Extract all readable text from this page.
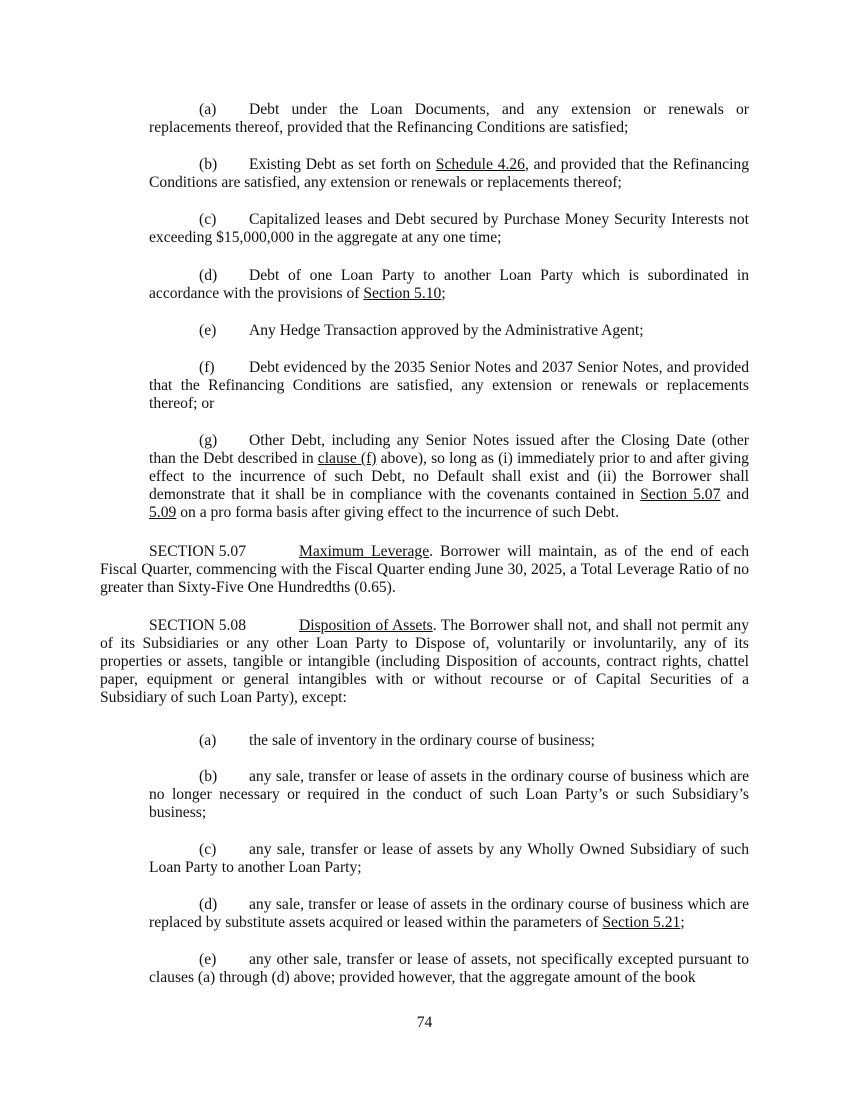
(a) Debt under the Loan Documents, and any extension or renewals or replacements thereof, provided that the Refinancing Conditions are satisfied;

(b) Existing Debt as set forth on Schedule 4.26, and provided that the Refinancing Conditions are satisfied, any extension or renewals or replacements thereof;

(c) Capitalized leases and Debt secured by Purchase Money Security Interests not exceeding $15,000,000 in the aggregate at any one time;

(d) Debt of one Loan Party to another Loan Party which is subordinated in accordance with the provisions of Section 5.10;

(e) Any Hedge Transaction approved by the Administrative Agent;

(f) Debt evidenced by the 2035 Senior Notes and 2037 Senior Notes, and provided that the Refinancing Conditions are satisfied, any extension or renewals or replacements thereof; or

(g) Other Debt, including any Senior Notes issued after the Closing Date (other than the Debt described in clause (f) above), so long as (i) immediately prior to and after giving effect to the incurrence of such Debt, no Default shall exist and (ii) the Borrower shall demonstrate that it shall be in compliance with the covenants contained in Section 5.07 and 5.09 on a pro forma basis after giving effect to the incurrence of such Debt.

SECTION 5.07	Maximum Leverage. Borrower will maintain, as of the end of each Fiscal Quarter, commencing with the Fiscal Quarter ending June 30, 2025, a Total Leverage Ratio of no greater than Sixty-Five One Hundredths (0.65).

SECTION 5.08	Disposition of Assets. The Borrower shall not, and shall not permit any of its Subsidiaries or any other Loan Party to Dispose of, voluntarily or involuntarily, any of its properties or assets, tangible or intangible (including Disposition of accounts, contract rights, chattel paper, equipment or general intangibles with or without recourse or of Capital Securities of a Subsidiary of such Loan Party), except:

(a) the sale of inventory in the ordinary course of business;

(b) any sale, transfer or lease of assets in the ordinary course of business which are no longer necessary or required in the conduct of such Loan Party’s or such Subsidiary’s business;

(c) any sale, transfer or lease of assets by any Wholly Owned Subsidiary of such Loan Party to another Loan Party;

(d) any sale, transfer or lease of assets in the ordinary course of business which are replaced by substitute assets acquired or leased within the parameters of Section 5.21;

(e) any other sale, transfer or lease of assets, not specifically excepted pursuant to clauses (a) through (d) above; provided however, that the aggregate amount of the book

74
